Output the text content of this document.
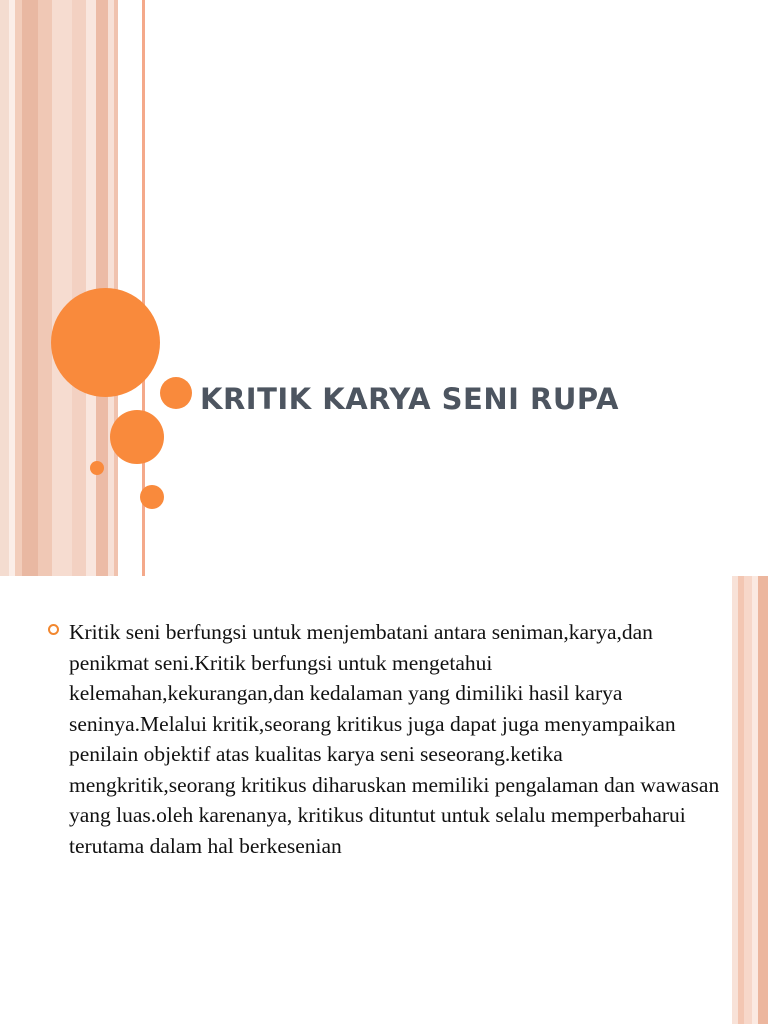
KRITIK KARYA SENI RUPA

Kritik seni berfungsi untuk menjembatani antara seniman,karya,dan penikmat seni.Kritik berfungsi untuk mengetahui kelemahan,kekurangan,dan kedalaman yang dimiliki hasil karya seninya.Melalui kritik,seorang kritikus juga dapat juga menyampaikan penilain objektif atas kualitas karya seni seseorang.ketika mengkritik,seorang kritikus diharuskan memiliki pengalaman dan wawasan yang luas.oleh karenanya, kritikus dituntut untuk selalu memperbaharui terutama dalam hal berkesenian
